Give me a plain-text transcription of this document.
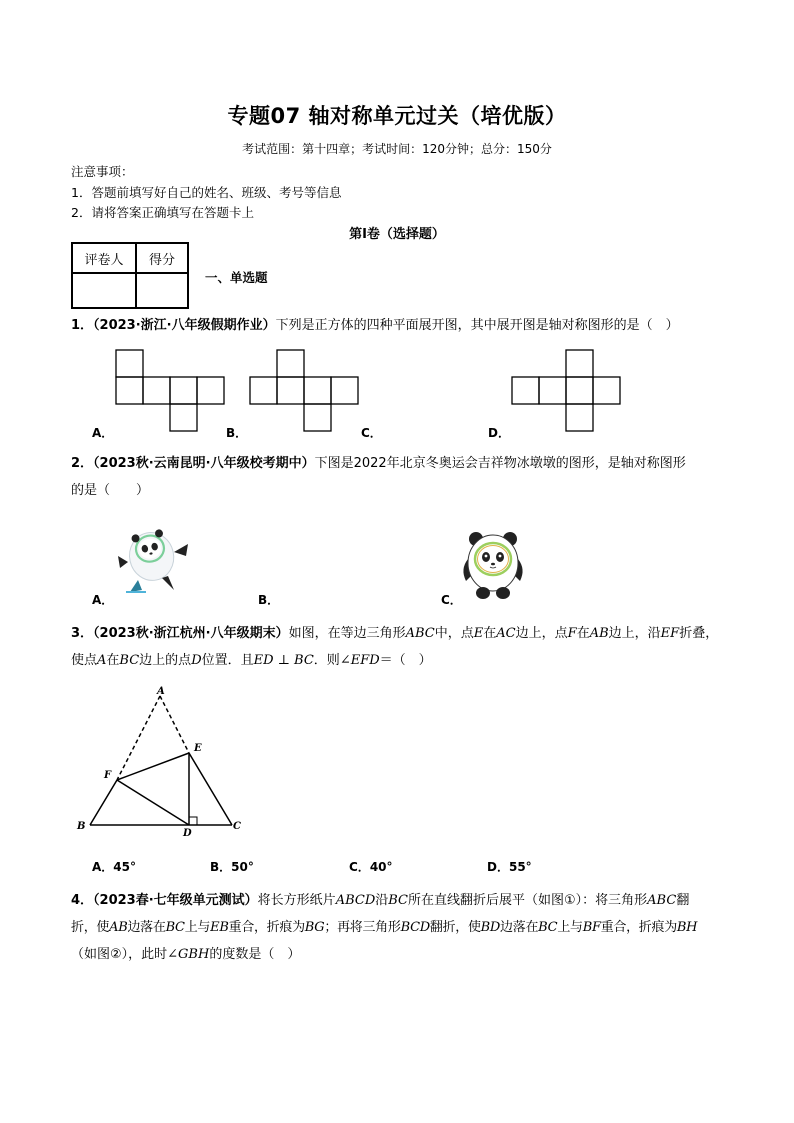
专题07 轴对称单元过关（培优版）
考试范围：第十四章；考试时间：120分钟；总分：150分
注意事项：
1．答题前填写好自己的姓名、班级、考号等信息
2．请将答案正确填写在答题卡上
第I卷（选择题）
评卷人	得分

一、单选题
1．（2023·浙江·八年级假期作业）下列是正方体的四种平面展开图，其中展开图是轴对称图形的是（　）
A．	B．	C．	D．
2．（2023秋·云南昆明·八年级校考期中）下图是2022年北京冬奥运会吉祥物冰墩墩的图形，是轴对称图形
的是（　　）
A．	B．	C．
3．（2023秋·浙江杭州·八年级期末）如图，在等边三角形ABC中，点E在AC边上，点F在AB边上，沿EF折叠，
使点A在BC边上的点D位置．且ED ⊥ BC．则∠EFD＝（　）
A
E
F
B
D
C
A．45°	B．50°	C．40°	D．55°
4．（2023春·七年级单元测试）将长方形纸片ABCD沿BC所在直线翻折后展平（如图①）：将三角形ABC翻
折，使AB边落在BC上与EB重合，折痕为BG；再将三角形BCD翻折，使BD边落在BC上与BF重合，折痕为BH
（如图②），此时∠GBH的度数是（　）
